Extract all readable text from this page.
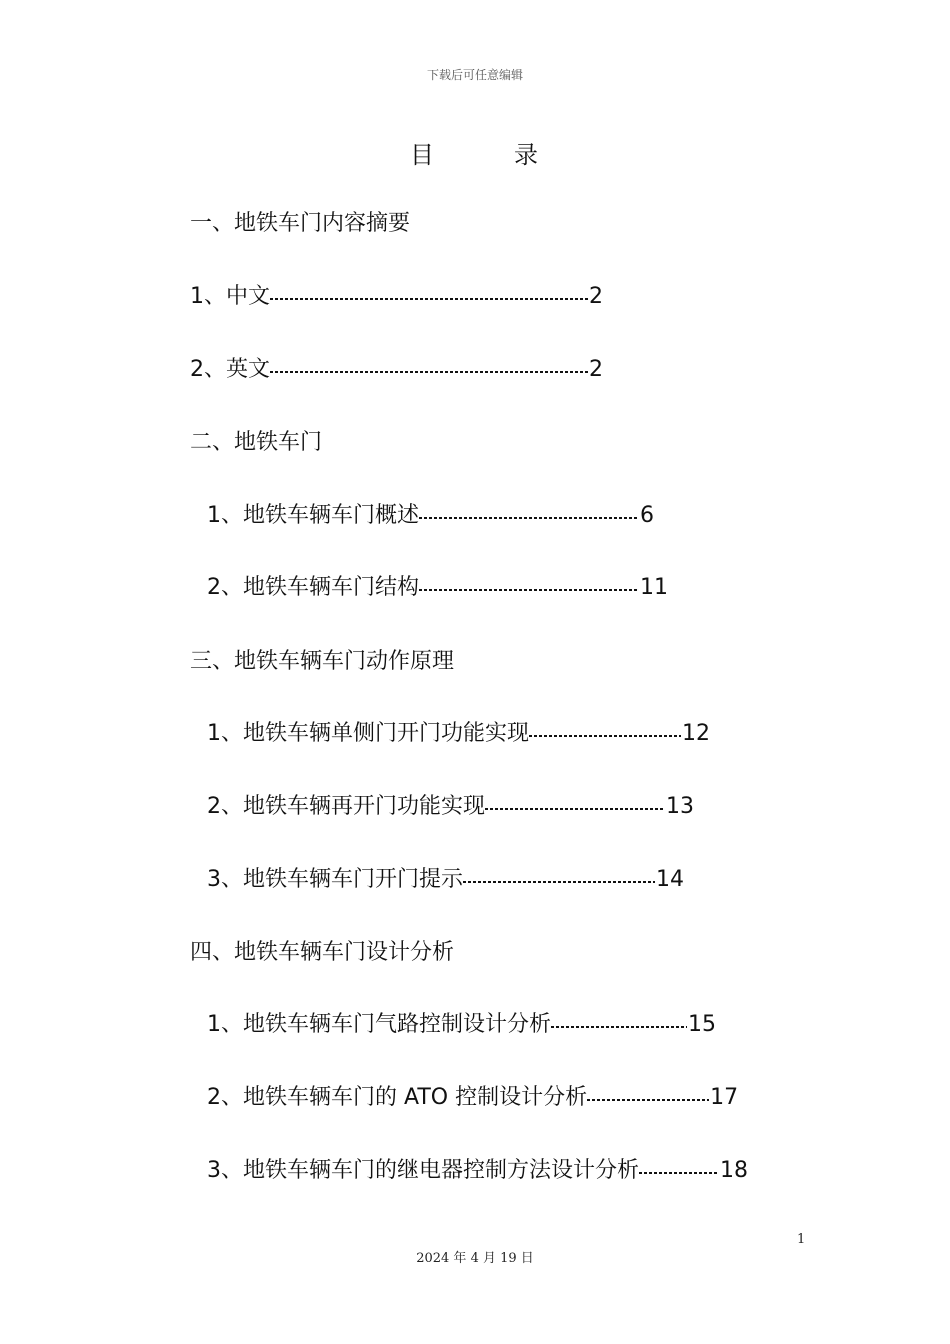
下载后可任意编辑
目	录
一、地铁车门内容摘要
1、中文	2
2、英文	2
二、地铁车门
1、地铁车辆车门概述	6
2、地铁车辆车门结构	11
三、地铁车辆车门动作原理
1、地铁车辆单侧门开门功能实现	12
2、地铁车辆再开门功能实现	13
3、地铁车辆车门开门提示	14
四、地铁车辆车门设计分析
1、地铁车辆车门气路控制设计分析	15
2、地铁车辆车门的 ATO 控制设计分析	17
3、地铁车辆车门的继电器控制方法设计分析	18
1
2024 年 4 月 19 日
